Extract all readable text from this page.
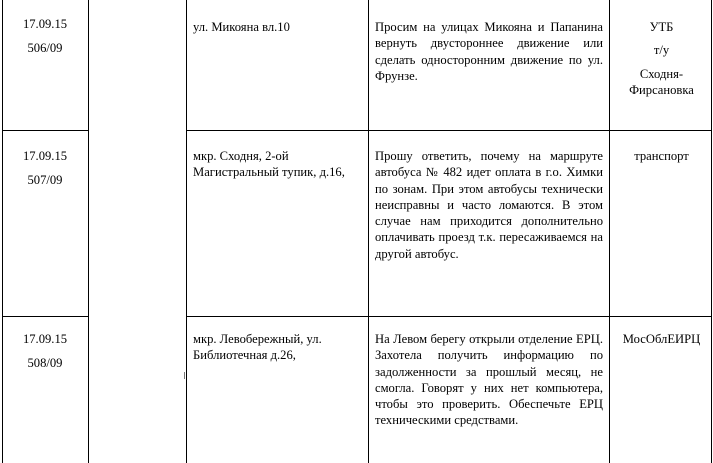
17.09.15
506/09
ул. Микояна вл.10	Просим на улицах Микояна и Папанина вернуть двустороннее движение или сделать односторонним движение по ул. Фрунзе.
УТБ
т/у
Сходня-Фирсановка
17.09.15
507/09
мкр. Сходня, 2-ой Магистральный тупик, д.16,
Прошу ответить, почему на маршруте автобуса № 482 идет оплата в г.о. Химки по зонам. При этом автобусы технически неисправны и часто ломаются. В этом случае нам приходится дополнительно оплачивать проезд т.к. пересаживаемся на другой автобус.
транспорт
17.09.15
508/09
мкр. Левобережный, ул. Библиотечная д.26,
На Левом берегу открыли отделение ЕРЦ. Захотела получить информацию по задолженности за прошлый месяц, не смогла. Говорят у них нет компьютера, чтобы это проверить. Обеспечьте ЕРЦ техническими средствами.
МосОблЕИРЦ
